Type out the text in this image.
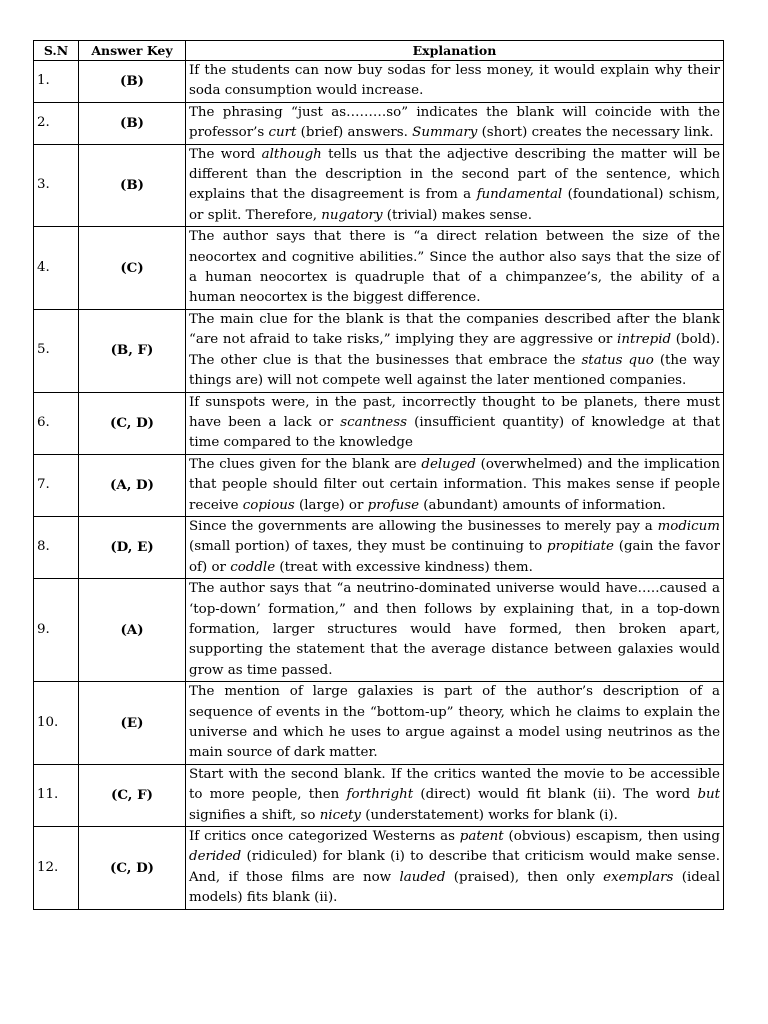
S.N	Answer Key	Explanation
1.	(B)	If the students can now buy sodas for less money, it would explain why their soda consumption would increase.
2.	(B)	The phrasing “just as………so” indicates the blank will coincide with the professor’s curt (brief) answers. Summary (short) creates the necessary link.
3.	(B)	The word although tells us that the adjective describing the matter will be different than the description in the second part of the sentence, which explains that the disagreement is from a fundamental (foundational) schism, or split. Therefore, nugatory (trivial) makes sense.
4.	(C)	The author says that there is “a direct relation between the size of the neocortex and cognitive abilities.” Since the author also says that the size of a human neocortex is quadruple that of a chimpanzee’s, the ability of a human neocortex is the biggest difference.
5.	(B, F)	The main clue for the blank is that the companies described after the blank “are not afraid to take risks,” implying they are aggressive or intrepid (bold). The other clue is that the businesses that embrace the status quo (the way things are) will not compete well against the later mentioned companies.
6.	(C, D)	If sunspots were, in the past, incorrectly thought to be planets, there must have been a lack or scantness (insufficient quantity) of knowledge at that time compared to the knowledge
7.	(A, D)	The clues given for the blank are deluged (overwhelmed) and the implication that people should filter out certain information. This makes sense if people receive copious (large) or profuse (abundant) amounts of information.
8.	(D, E)	Since the governments are allowing the businesses to merely pay a modicum (small portion) of taxes, they must be continuing to propitiate (gain the favor of) or coddle (treat with excessive kindness) them.
9.	(A)	The author says that “a neutrino-dominated universe would have…..caused a ‘top-down’ formation,” and then follows by explaining that, in a top-down formation, larger structures would have formed, then broken apart, supporting the statement that the average distance between galaxies would grow as time passed.
10.	(E)	The mention of large galaxies is part of the author’s description of a sequence of events in the “bottom-up” theory, which he claims to explain the universe and which he uses to argue against a model using neutrinos as the main source of dark matter.
11.	(C, F)	Start with the second blank. If the critics wanted the movie to be accessible to more people, then forthright (direct) would fit blank (ii). The word but signifies a shift, so nicety (understatement) works for blank (i).
12.	(C, D)	If critics once categorized Westerns as patent (obvious) escapism, then using derided (ridiculed) for blank (i) to describe that criticism would make sense. And, if those films are now lauded (praised), then only exemplars (ideal models) fits blank (ii).
